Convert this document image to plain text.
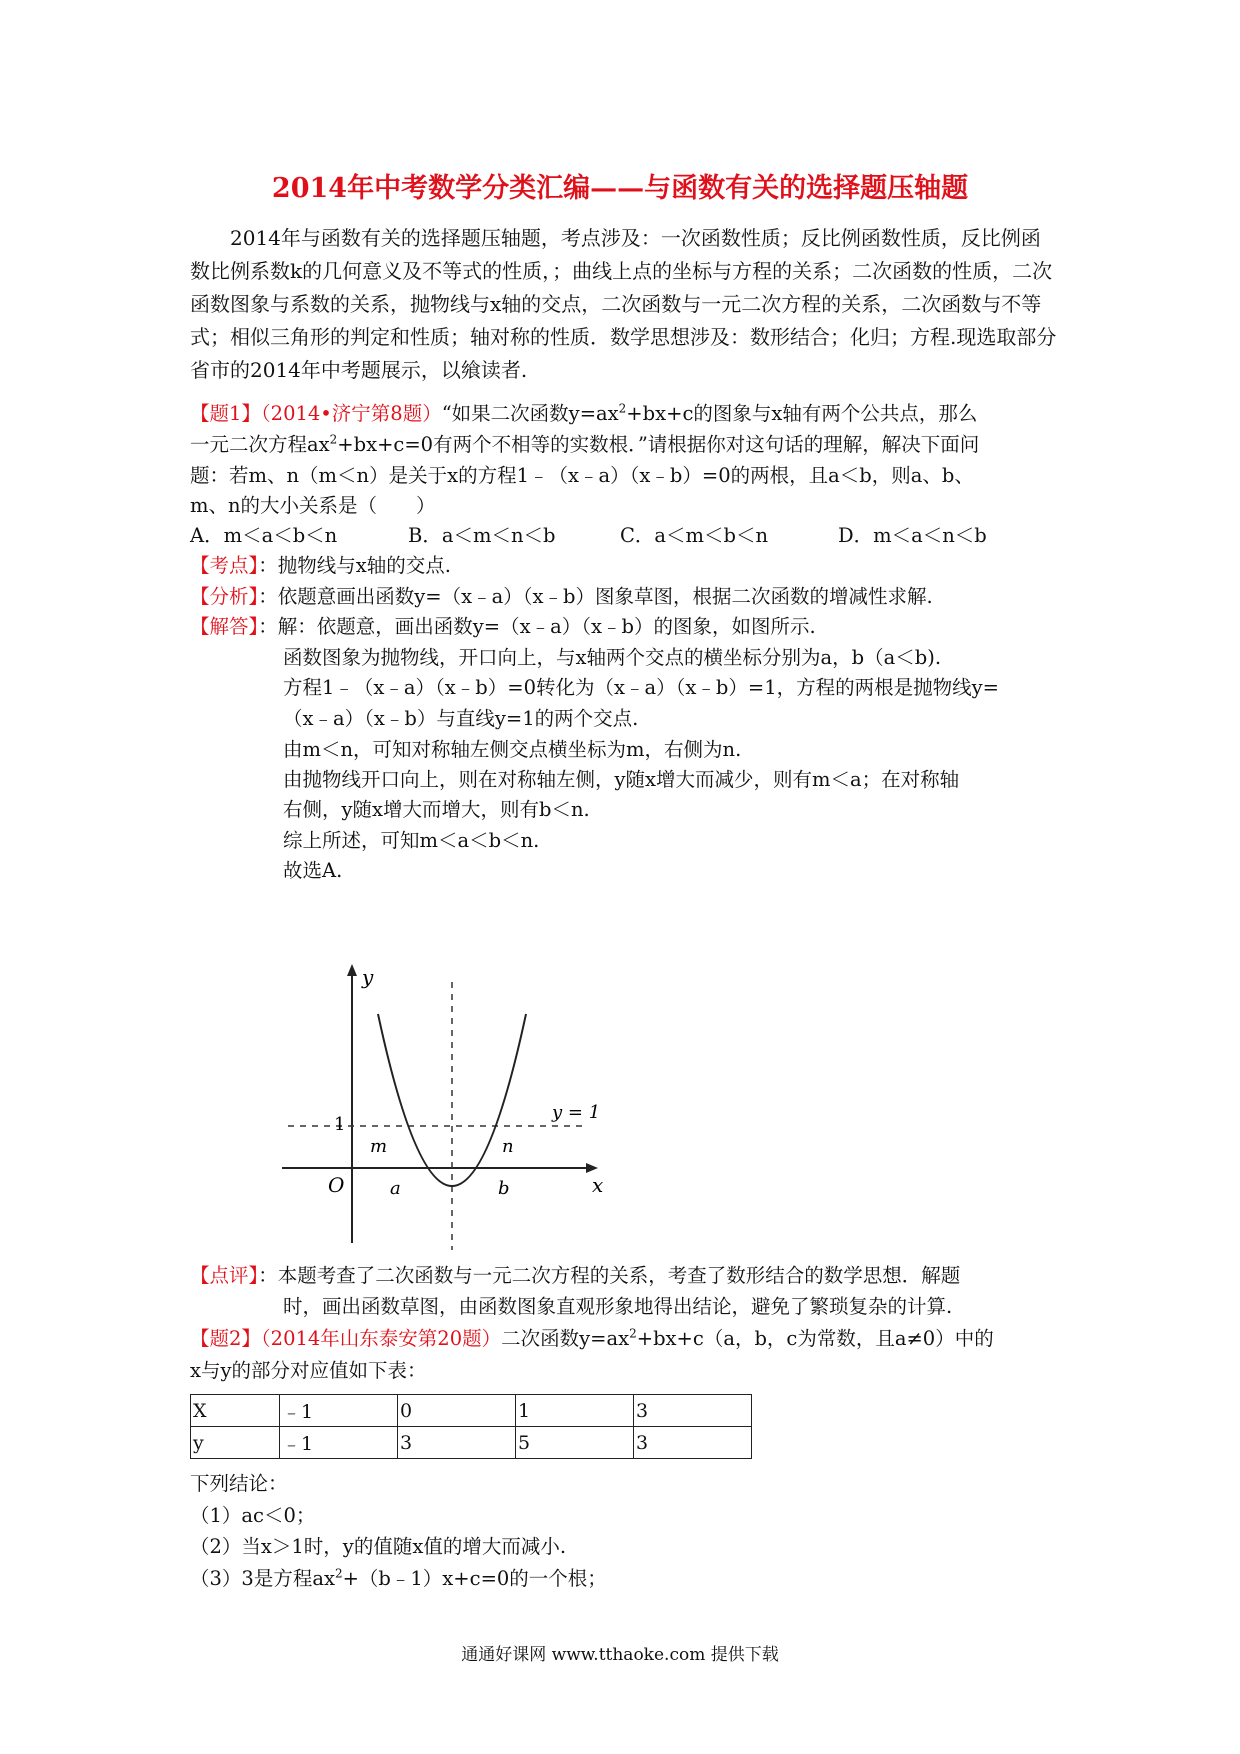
2014年中考数学分类汇编——与函数有关的选择题压轴题
2014年与函数有关的选择题压轴题，考点涉及：一次函数性质；反比例函数性质，反比例函数比例系数k的几何意义及不等式的性质，；曲线上点的坐标与方程的关系；二次函数的性质，二次函数图象与系数的关系，抛物线与x轴的交点，二次函数与一元二次方程的关系，二次函数与不等式；相似三角形的判定和性质；轴对称的性质．数学思想涉及：数形结合；化归；方程.现选取部分省市的2014年中考题展示，以飨读者.
【题1】（2014•济宁第8题）“如果二次函数$y=ax^2+bx+c$的图象与x轴有两个公共点，那么
一元二次方程$ax^2+bx+c=0$有两个不相等的实数根．”请根据你对这句话的理解，解决下面问
题：若m、n（m＜n）是关于x的方程1﹣（x﹣a）（x﹣b）=0的两根，且a＜b，则a、b、
m、n的大小关系是（　　）
A．m＜a＜b＜n	B．a＜m＜n＜b	C．a＜m＜b＜n	D．m＜a＜n＜b
【考点】：抛物线与x轴的交点.
【分析】：依题意画出函数y=（x﹣a）（x﹣b）图象草图，根据二次函数的增减性求解.
【解答】：解：依题意，画出函数y=（x﹣a）（x﹣b）的图象，如图所示.
函数图象为抛物线，开口向上，与x轴两个交点的横坐标分别为a，b（a＜b).
方程1﹣（x﹣a）（x﹣b）=0转化为（x﹣a）（x﹣b）=1，方程的两根是抛物线y=
（x﹣a）（x﹣b）与直线y=1的两个交点.
由m＜n，可知对称轴左侧交点横坐标为m，右侧为n.
由抛物线开口向上，则在对称轴左侧，y随x增大而减少，则有m＜a；在对称轴
右侧，y随x增大而增大，则有b＜n.
综上所述，可知m＜a＜b＜n.
故选A.
y
x
O
1
m	n
a	b
y = 1
【点评】：本题考查了二次函数与一元二次方程的关系，考查了数形结合的数学思想．解题
时，画出函数草图，由函数图象直观形象地得出结论，避免了繁琐复杂的计算.
【题2】（2014年山东泰安第20题）二次函数$y=ax^2+bx+c(a$，b，c为常数，且a≠0）中的
x与y的部分对应值如下表：
X	﹣1	0	1	3
y	﹣1	3	5	3
下列结论：
（1）ac＜0；
（2）当x＞1时，y的值随x值的增大而减小.
（3）3是方程$ax^2+(b﹣1)x+c=0$的一个根；
通通好课网 www.tthaoke.com 提供下载
